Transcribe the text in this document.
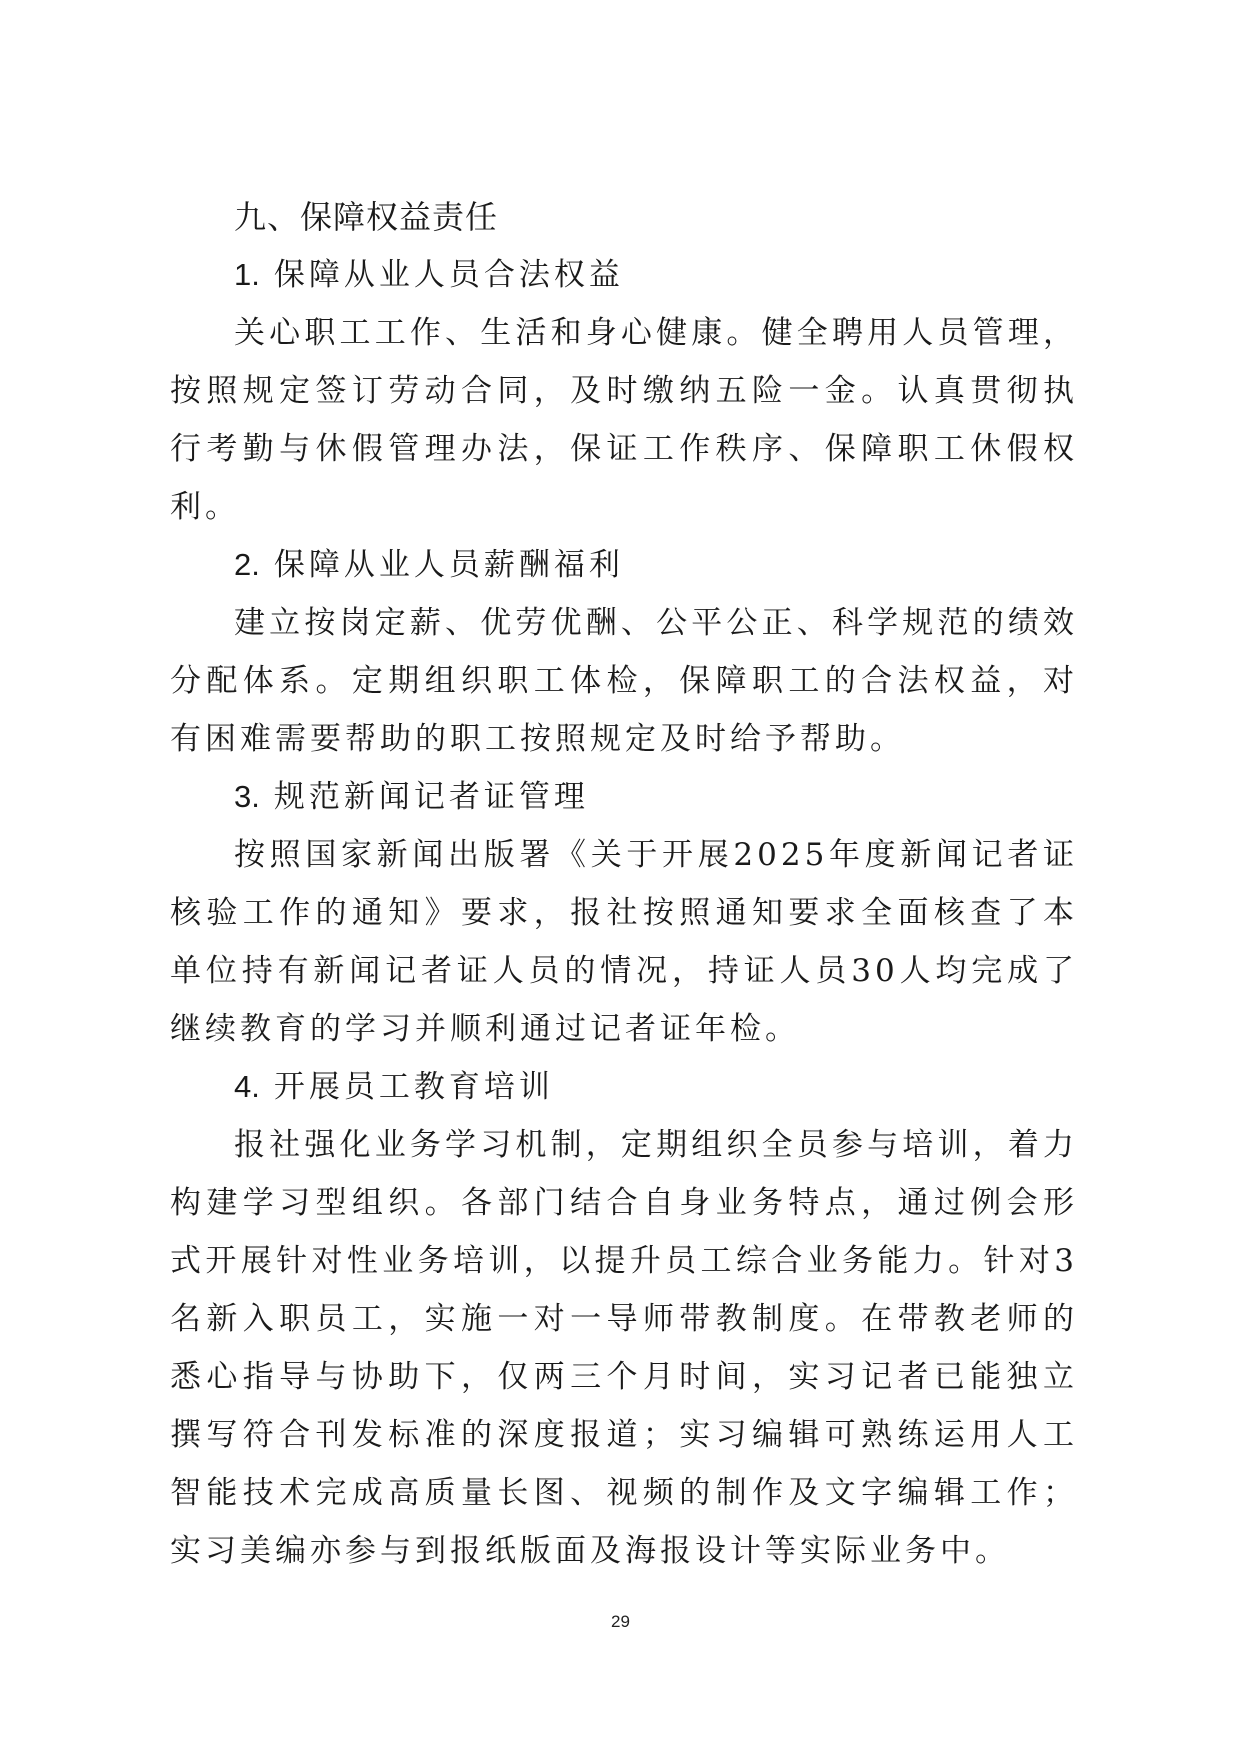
九、保障权益责任
1. 保障从业人员合法权益

关心职工工作、生活和身心健康。健全聘用人员管理，按照规定签订劳动合同，及时缴纳五险一金。认真贯彻执行考勤与休假管理办法，保证工作秩序、保障职工休假权利。

2. 保障从业人员薪酬福利

建立按岗定薪、优劳优酬、公平公正、科学规范的绩效分配体系。定期组织职工体检，保障职工的合法权益，对有困难需要帮助的职工按照规定及时给予帮助。

3. 规范新闻记者证管理

按照国家新闻出版署《关于开展2025年度新闻记者证核验工作的通知》要求，报社按照通知要求全面核查了本单位持有新闻记者证人员的情况，持证人员30人均完成了继续教育的学习并顺利通过记者证年检。

4. 开展员工教育培训

报社强化业务学习机制，定期组织全员参与培训，着力构建学习型组织。各部门结合自身业务特点，通过例会形式开展针对性业务培训，以提升员工综合业务能力。针对3名新入职员工，实施一对一导师带教制度。在带教老师的悉心指导与协助下，仅两三个月时间，实习记者已能独立撰写符合刊发标准的深度报道；实习编辑可熟练运用人工智能技术完成高质量长图、视频的制作及文字编辑工作；实习美编亦参与到报纸版面及海报设计等实际业务中。

29
